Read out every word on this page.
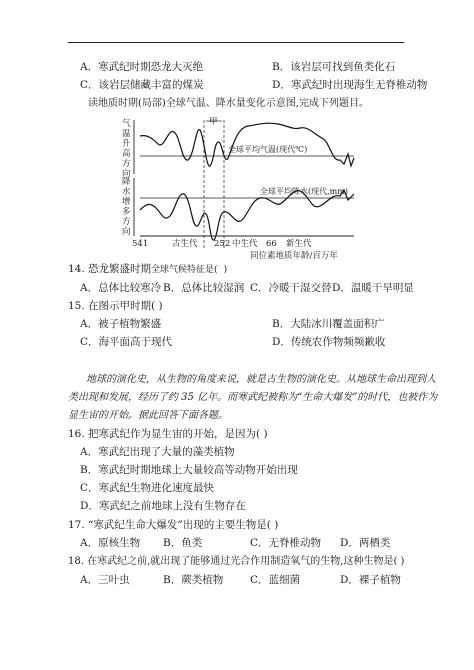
A．寒武纪时期恐龙大灭绝	B．该岩层可找到鱼类化石
C．该岩层储藏丰富的煤炭	D．寒武纪时出现海生无脊椎动物
读地质时期(局部)全球气温、降水量变化示意图,完成下列题目。
气
温
升
高
方
向
降
水
增
多
方
向
甲
全球平均气温(现代℃)
全球平均降水(现代,mm)
541	古生代 252 中生代 66 新生代
同位素地质年龄/百万年
14. 恐龙繁盛时期全球气候特征是( )
A．总体比较寒冷 B．总体比较湿润 C．冷暖干湿交替 D．温暖干旱明显
15. 在图示甲时期( )
A．被子植物繁盛	B．大陆冰川覆盖面积广
C．海平面高于现代	D．传统农作物频频歉收
地球的演化史，从生物的角度来说，就是古生物的演化史。从地球生命出现到人
类出现和发展，经历了约 35 亿年。而寒武纪被称为“生命大爆发”的时代，也被作为
显生宙的开始。据此回答下面各题。
16. 把寒武纪作为显生宙的开始，是因为( )
A．寒武纪出现了大量的藻类植物
B．寒武纪时期地球上大量较高等动物开始出现
C．寒武纪生物进化速度最快
D．寒武纪之前地球上没有生物存在
17. “寒武纪生命大爆发”出现的主要生物是( )
A．原核生物 B．鱼类	C．无脊椎动物 D．两栖类
18. 在寒武纪之前,就出现了能够通过光合作用制造氧气的生物,这种生物是( )
A．三叶虫	B．蕨类植物	C．蓝细菌	D．裸子植物
